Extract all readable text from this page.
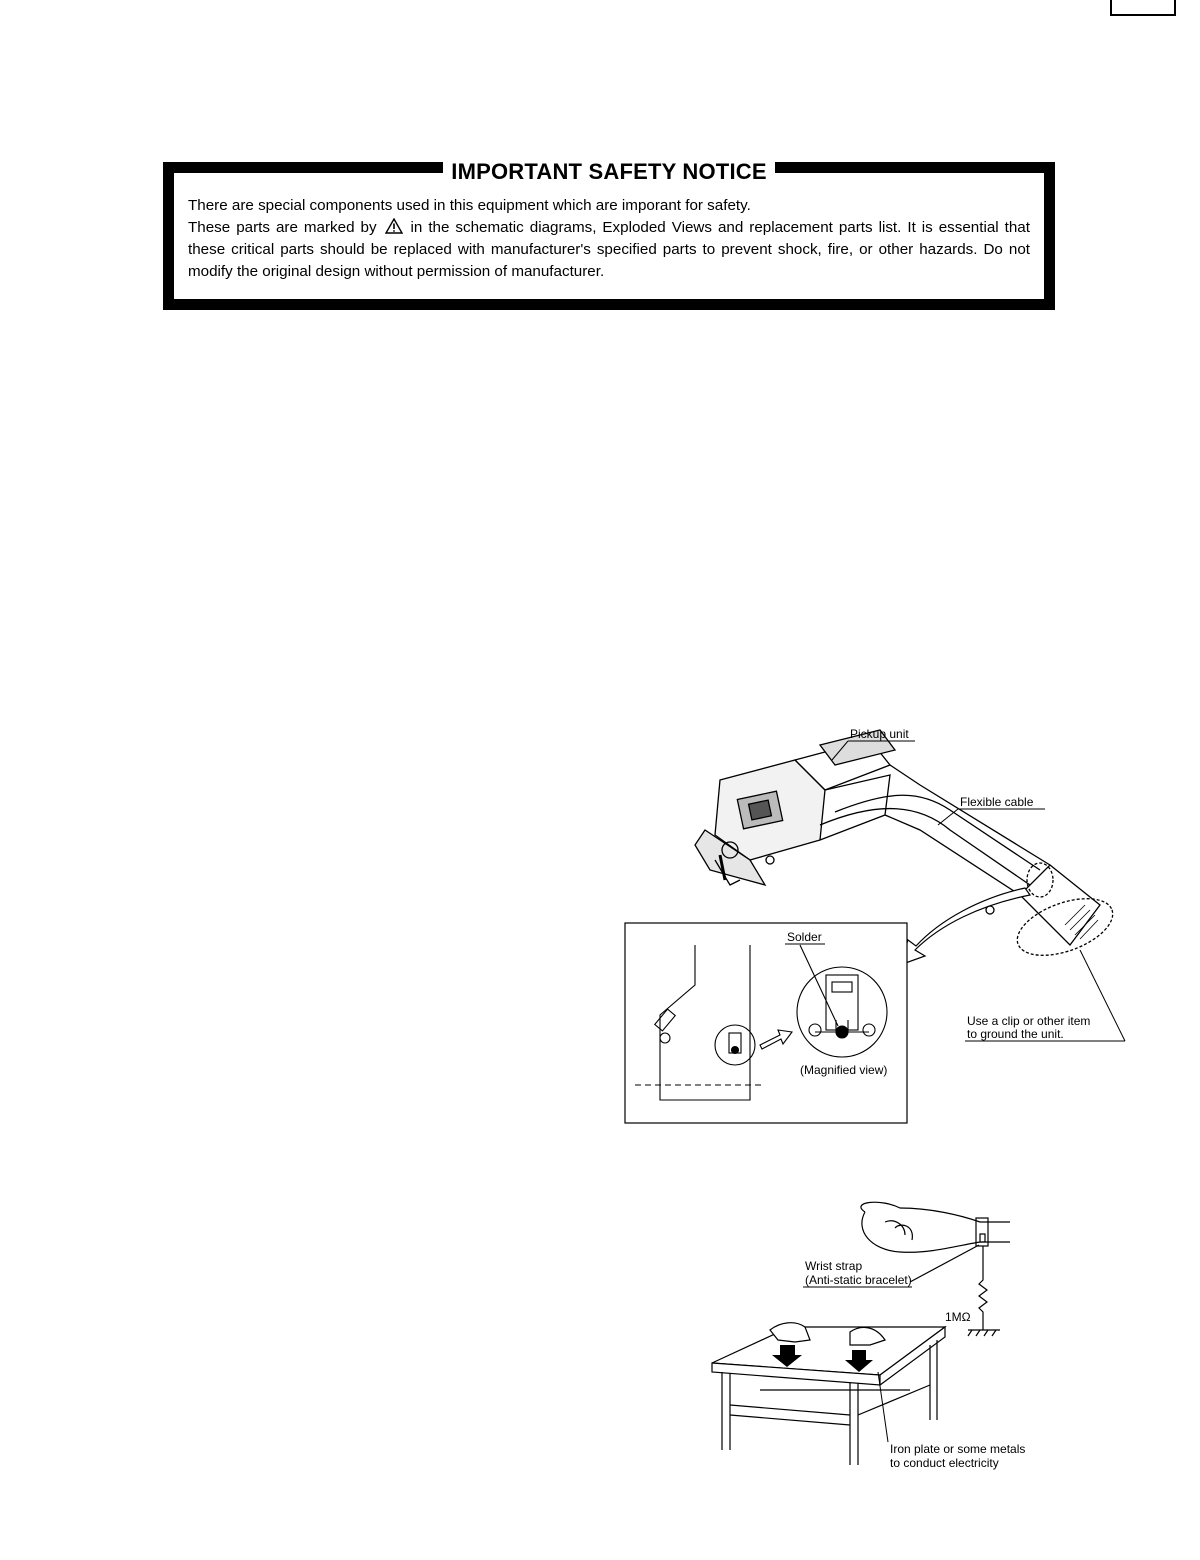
IMPORTANT SAFETY NOTICE

There are special components used in this equipment which are imporant for safety.

These parts are marked by in the schematic diagrams, Exploded Views and replacement parts list. It is essential that these critical parts should be replaced with manufacturer's specified parts to prevent shock, fire, or other hazards. Do not modify the original design without permission of manufacturer.

Pickup unit
Flexible cable
Solder
(Magnified view)
Use a clip or other item
to ground the unit.
Wrist strap
(Anti-static bracelet)
1MΩ
Iron plate or some metals
to conduct electricity
